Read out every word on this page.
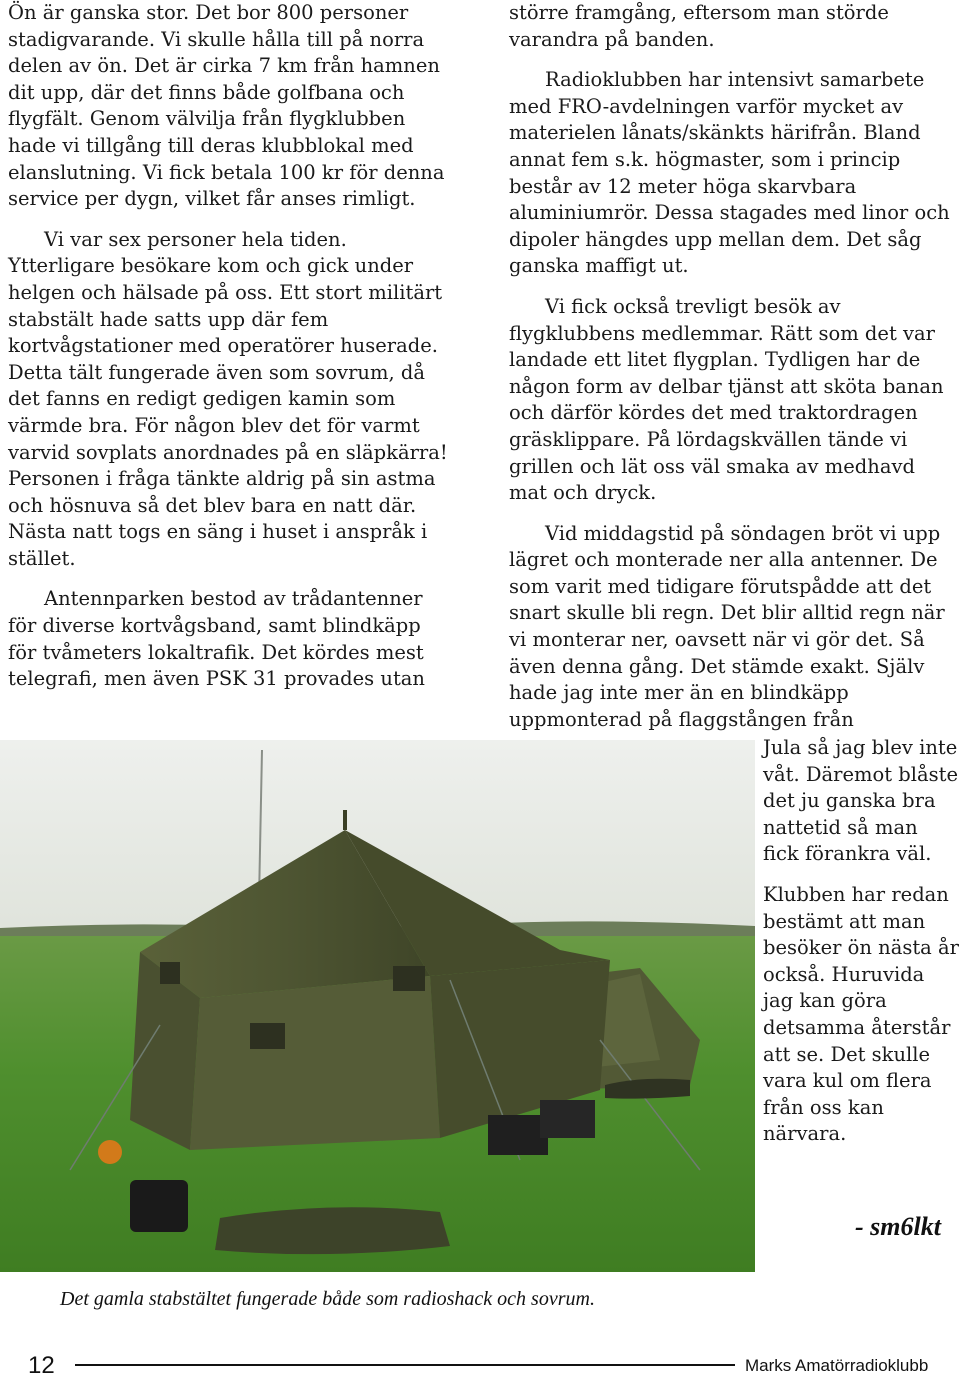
Ön är ganska stor. Det bor 800 personer stadigvarande. Vi skulle hålla till på norra delen av ön. Det är cirka 7 km från hamnen dit upp, där det finns både golfbana och flygfält. Genom välvilja från flygklubben hade vi tillgång till deras klubblokal med elanslutning. Vi fick betala 100 kr för denna service per dygn, vilket får anses rimligt.

Vi var sex personer hela tiden. Ytterligare besökare kom och gick under helgen och hälsade på oss. Ett stort militärt stabstält hade satts upp där fem kortvågstationer med operatörer huserade. Detta tält fungerade även som sovrum, då det fanns en redigt gedigen kamin som värmde bra. För någon blev det för varmt varvid sovplats anordnades på en släpkärra! Personen i fråga tänkte aldrig på sin astma och hösnuva så det blev bara en natt där. Nästa natt togs en säng i huset i anspråk i stället.

Antennparken bestod av trådantenner för diverse kortvågsband, samt blindkäpp för tvåmeters lokaltrafik. Det kördes mest telegrafi, men även PSK 31 provades utan

större framgång, eftersom man störde varandra på banden.

Radioklubben har intensivt samarbete med FRO-avdelningen varför mycket av materielen lånats/skänkts härifrån. Bland annat fem s.k. högmaster, som i princip består av 12 meter höga skarvbara aluminiumrör. Dessa stagades med linor och dipoler hängdes upp mellan dem. Det såg ganska maffigt ut.

Vi fick också trevligt besök av flygklubbens medlemmar. Rätt som det var landade ett litet flygplan. Tydligen har de någon form av delbar tjänst att sköta banan och därför kördes det med traktordragen gräsklippare. På lördagskvällen tände vi grillen och lät oss väl smaka av medhavd mat och dryck.

Vid middagstid på söndagen bröt vi upp lägret och monterade ner alla antenner. De som varit med tidigare förutspådde att det snart skulle bli regn. Det blir alltid regn när vi monterar ner, oavsett när vi gör det. Så även denna gång. Det stämde exakt. Själv hade jag inte mer än en blindkäpp uppmonterad på flaggstången från

Jula så jag blev inte våt. Däremot blåste det ju ganska bra nattetid så man fick förankra väl.

Klubben har redan bestämt att man besöker ön nästa år också. Huruvida jag kan göra detsamma återstår att se. Det skulle vara kul om flera från oss kan närvara.

- sm6lkt
Det gamla stabstältet fungerade både som radioshack och sovrum.
12	Marks Amatörradioklubb
